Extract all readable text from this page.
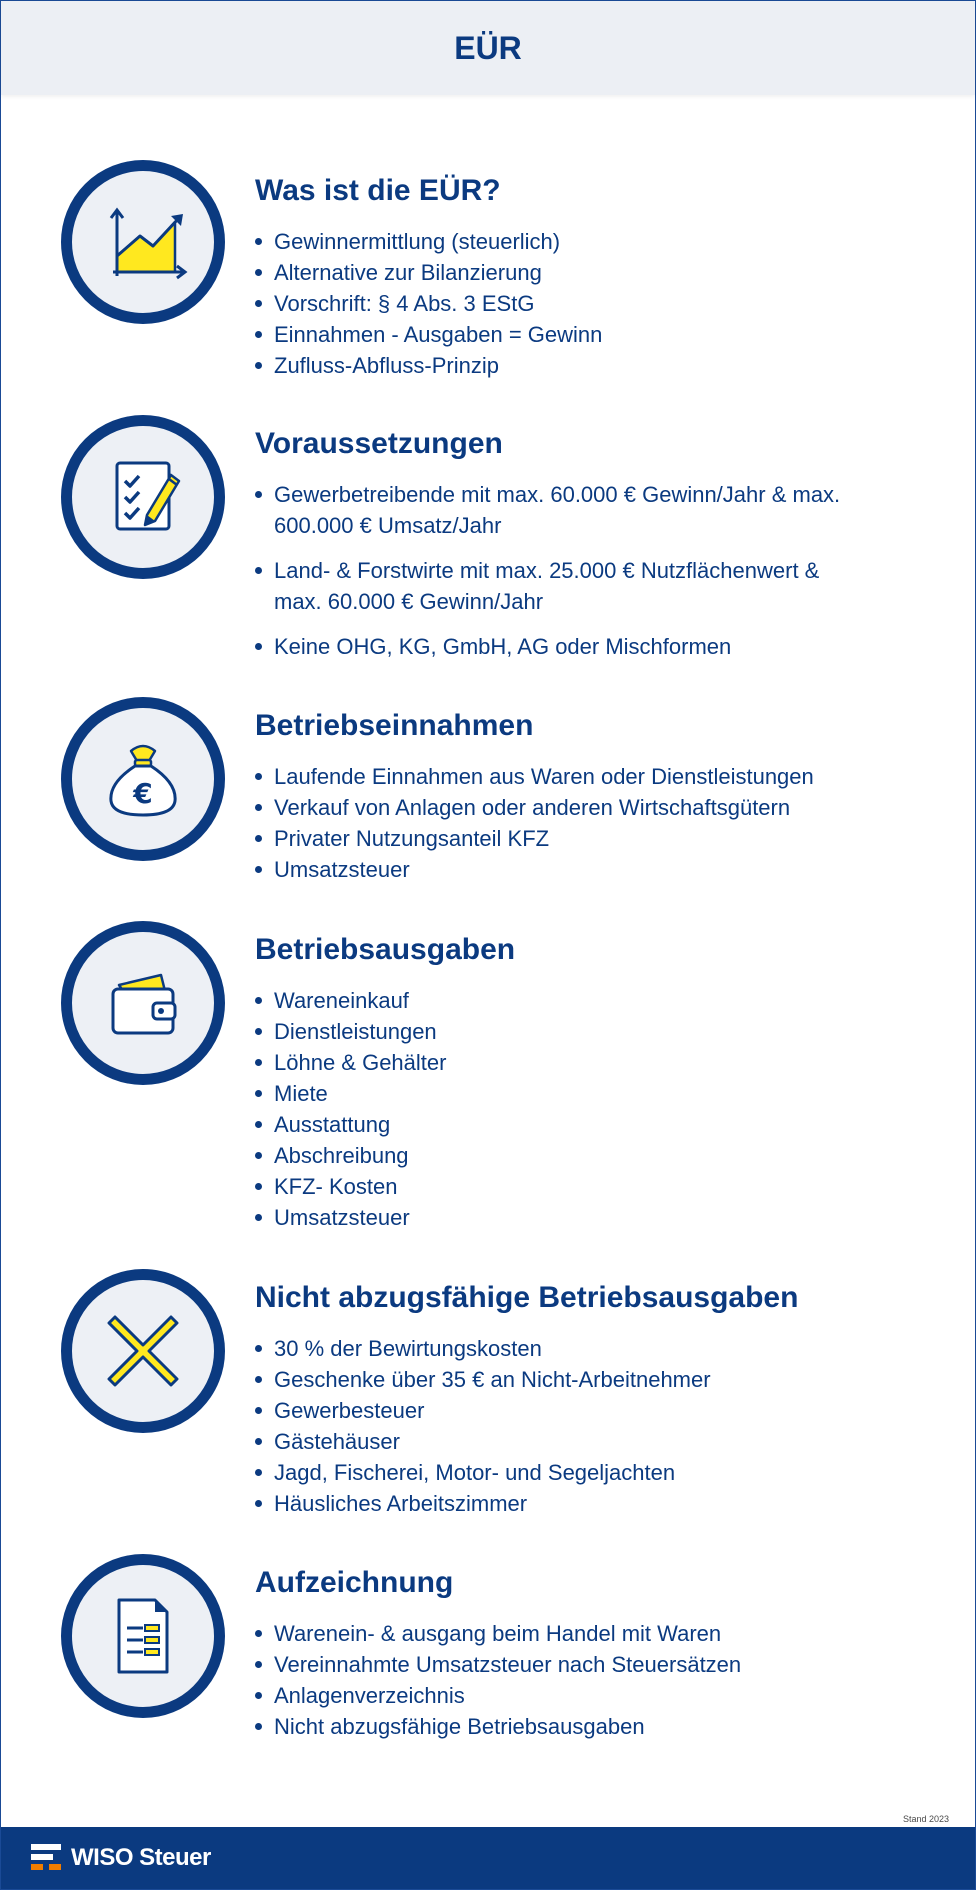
EÜR
Was ist die EÜR?
Gewinnermittlung (steuerlich)
Alternative zur Bilanzierung
Vorschrift: § 4 Abs. 3 EStG
Einnahmen - Ausgaben = Gewinn
Zufluss-Abfluss-Prinzip
Voraussetzungen
Gewerbetreibende mit max. 60.000 € Gewinn/Jahr & max. 600.000 € Umsatz/Jahr
Land- & Forstwirte mit max. 25.000 € Nutzflächenwert & max. 60.000 € Gewinn/Jahr
Keine OHG, KG, GmbH, AG oder Mischformen
€
Betriebseinnahmen
Laufende Einnahmen aus Waren oder Dienstleistungen
Verkauf von Anlagen oder anderen Wirtschaftsgütern
Privater Nutzungsanteil KFZ
Umsatzsteuer
Betriebsausgaben
Wareneinkauf
Dienstleistungen
Löhne & Gehälter
Miete
Ausstattung
Abschreibung
KFZ- Kosten
Umsatzsteuer
Nicht abzugsfähige Betriebsausgaben
30 % der Bewirtungskosten
Geschenke über 35 € an Nicht-Arbeitnehmer
Gewerbesteuer
Gästehäuser
Jagd, Fischerei, Motor- und Segeljachten
Häusliches Arbeitszimmer
Aufzeichnung
Warenein- & ausgang beim Handel mit Waren
Vereinnahmte Umsatzsteuer nach Steuersätzen
Anlagenverzeichnis
Nicht abzugsfähige Betriebsausgaben
Stand 2023
WISO Steuer
